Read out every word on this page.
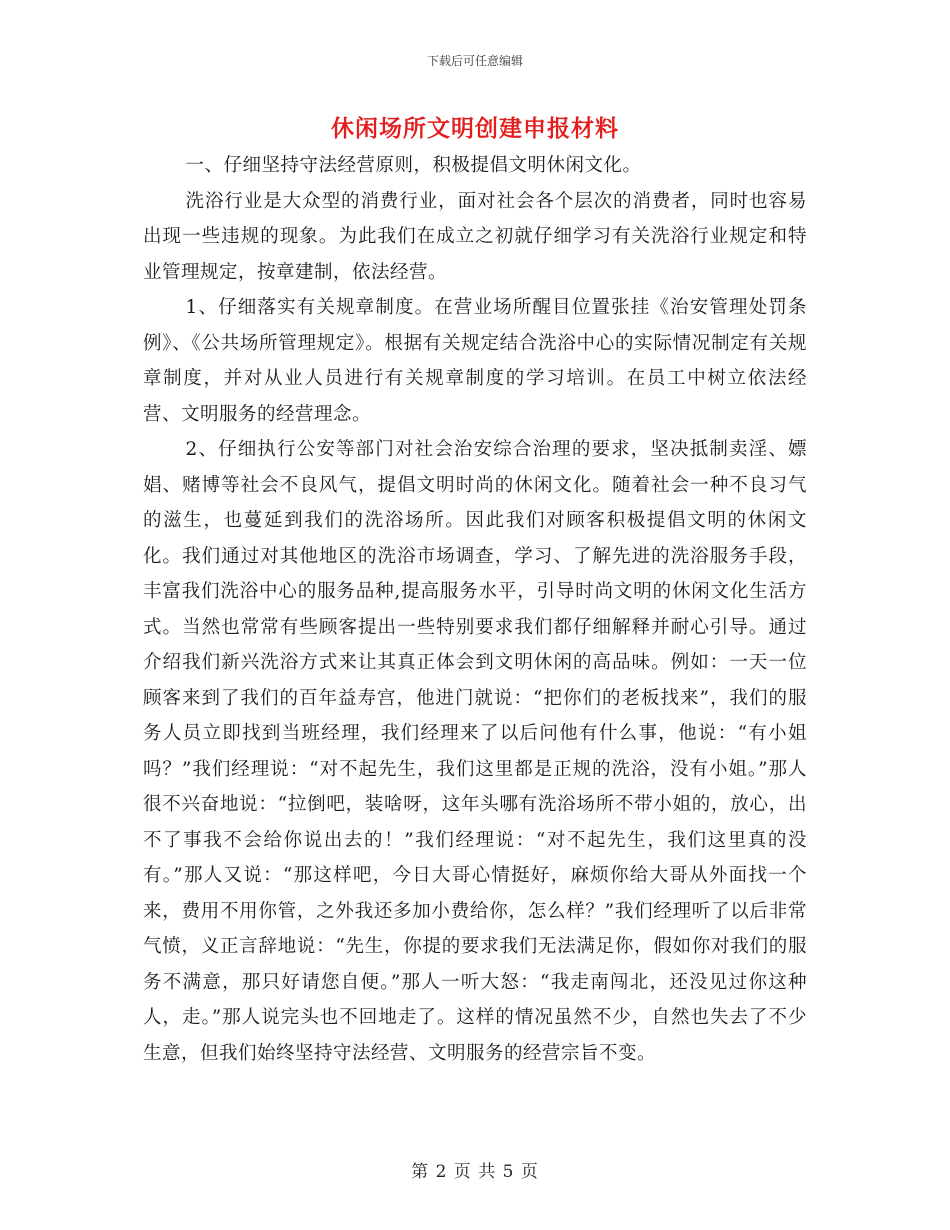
下载后可任意编辑
休闲场所文明创建申报材料

一、仔细坚持守法经营原则，积极提倡文明休闲文化。

洗浴行业是大众型的消费行业，面对社会各个层次的消费者，同时也容易出现一些违规的现象。为此我们在成立之初就仔细学习有关洗浴行业规定和特业管理规定，按章建制，依法经营。

1、仔细落实有关规章制度。在营业场所醒目位置张挂《治安管理处罚条例》、《公共场所管理规定》。根据有关规定结合洗浴中心的实际情况制定有关规章制度，并对从业人员进行有关规章制度的学习培训。在员工中树立依法经营、文明服务的经营理念。

2、仔细执行公安等部门对社会治安综合治理的要求，坚决抵制卖淫、嫖娼、赌博等社会不良风气，提倡文明时尚的休闲文化。随着社会一种不良习气的滋生，也蔓延到我们的洗浴场所。因此我们对顾客积极提倡文明的休闲文化。我们通过对其他地区的洗浴市场调查，学习、了解先进的洗浴服务手段，丰富我们洗浴中心的服务品种,提高服务水平，引导时尚文明的休闲文化生活方式。当然也常常有些顾客提出一些特别要求我们都仔细解释并耐心引导。通过介绍我们新兴洗浴方式来让其真正体会到文明休闲的高品味。例如：一天一位顾客来到了我们的百年益寿宫，他进门就说：“把你们的老板找来”，我们的服务人员立即找到当班经理，我们经理来了以后问他有什么事，他说：“有小姐吗？”我们经理说：“对不起先生，我们这里都是正规的洗浴，没有小姐。”那人很不兴奋地说：“拉倒吧，装啥呀，这年头哪有洗浴场所不带小姐的，放心，出不了事我不会给你说出去的！”我们经理说：“对不起先生，我们这里真的没有。”那人又说：“那这样吧，今日大哥心情挺好，麻烦你给大哥从外面找一个来，费用不用你管，之外我还多加小费给你，怎么样？”我们经理听了以后非常气愤，义正言辞地说：“先生，你提的要求我们无法满足你，假如你对我们的服务不满意，那只好请您自便。”那人一听大怒：“我走南闯北，还没见过你这种人，走。”那人说完头也不回地走了。这样的情况虽然不少，自然也失去了不少生意，但我们始终坚持守法经营、文明服务的经营宗旨不变。

第 2 页 共 5 页
